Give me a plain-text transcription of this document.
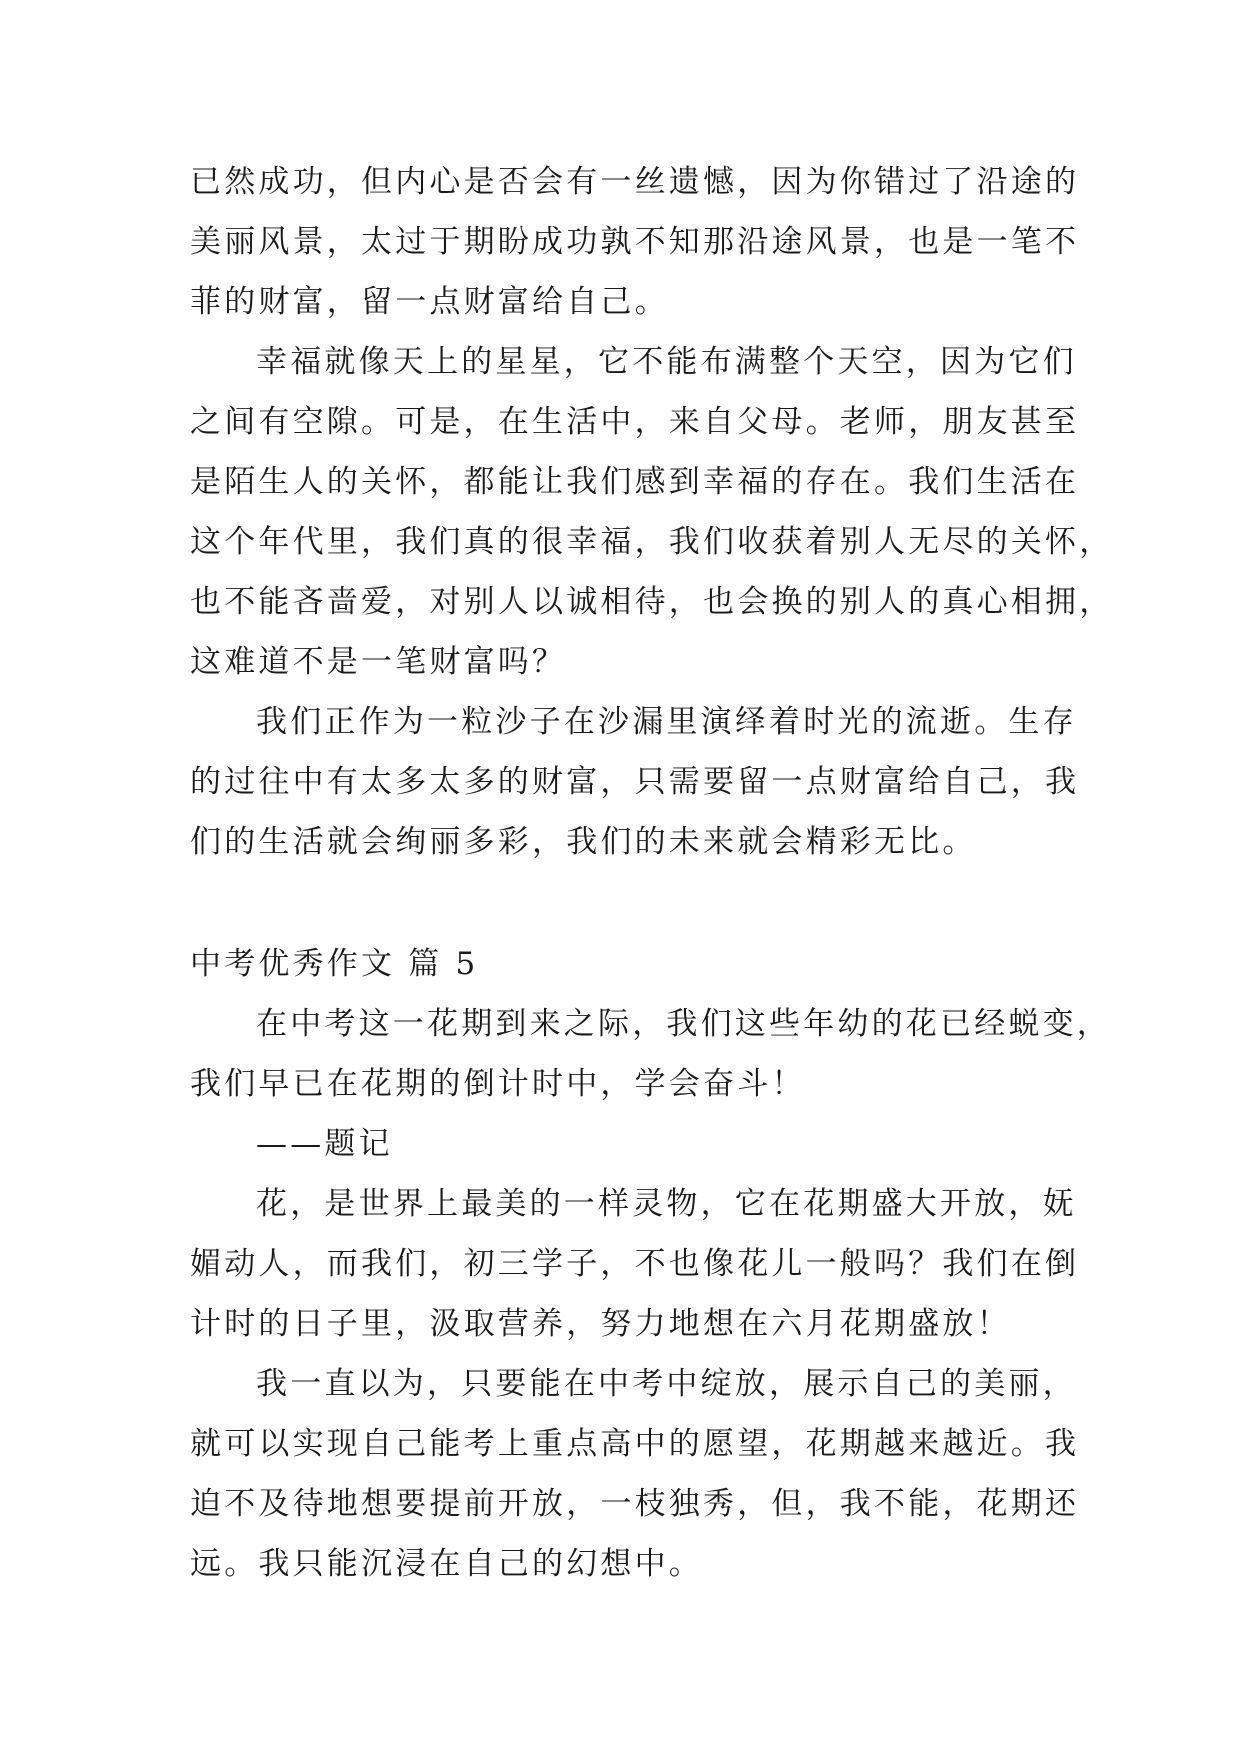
已然成功，但内心是否会有一丝遗憾，因为你错过了沿途的
美丽风景，太过于期盼成功孰不知那沿途风景，也是一笔不
菲的财富，留一点财富给自己。
幸福就像天上的星星，它不能布满整个天空，因为它们
之间有空隙。可是，在生活中，来自父母。老师，朋友甚至
是陌生人的关怀，都能让我们感到幸福的存在。我们生活在
这个年代里，我们真的很幸福，我们收获着别人无尽的关怀，
也不能吝啬爱，对别人以诚相待，也会换的别人的真心相拥，
这难道不是一笔财富吗？
我们正作为一粒沙子在沙漏里演绎着时光的流逝。生存
的过往中有太多太多的财富，只需要留一点财富给自己，我
们的生活就会绚丽多彩，我们的未来就会精彩无比。
中考优秀作文 篇 5
在中考这一花期到来之际，我们这些年幼的花已经蜕变，
我们早已在花期的倒计时中，学会奋斗！
——题记
花，是世界上最美的一样灵物，它在花期盛大开放，妩
媚动人，而我们，初三学子，不也像花儿一般吗？我们在倒
计时的日子里，汲取营养，努力地想在六月花期盛放！
我一直以为，只要能在中考中绽放，展示自己的美丽，
就可以实现自己能考上重点高中的愿望，花期越来越近。我
迫不及待地想要提前开放，一枝独秀，但，我不能，花期还
远。我只能沉浸在自己的幻想中。
